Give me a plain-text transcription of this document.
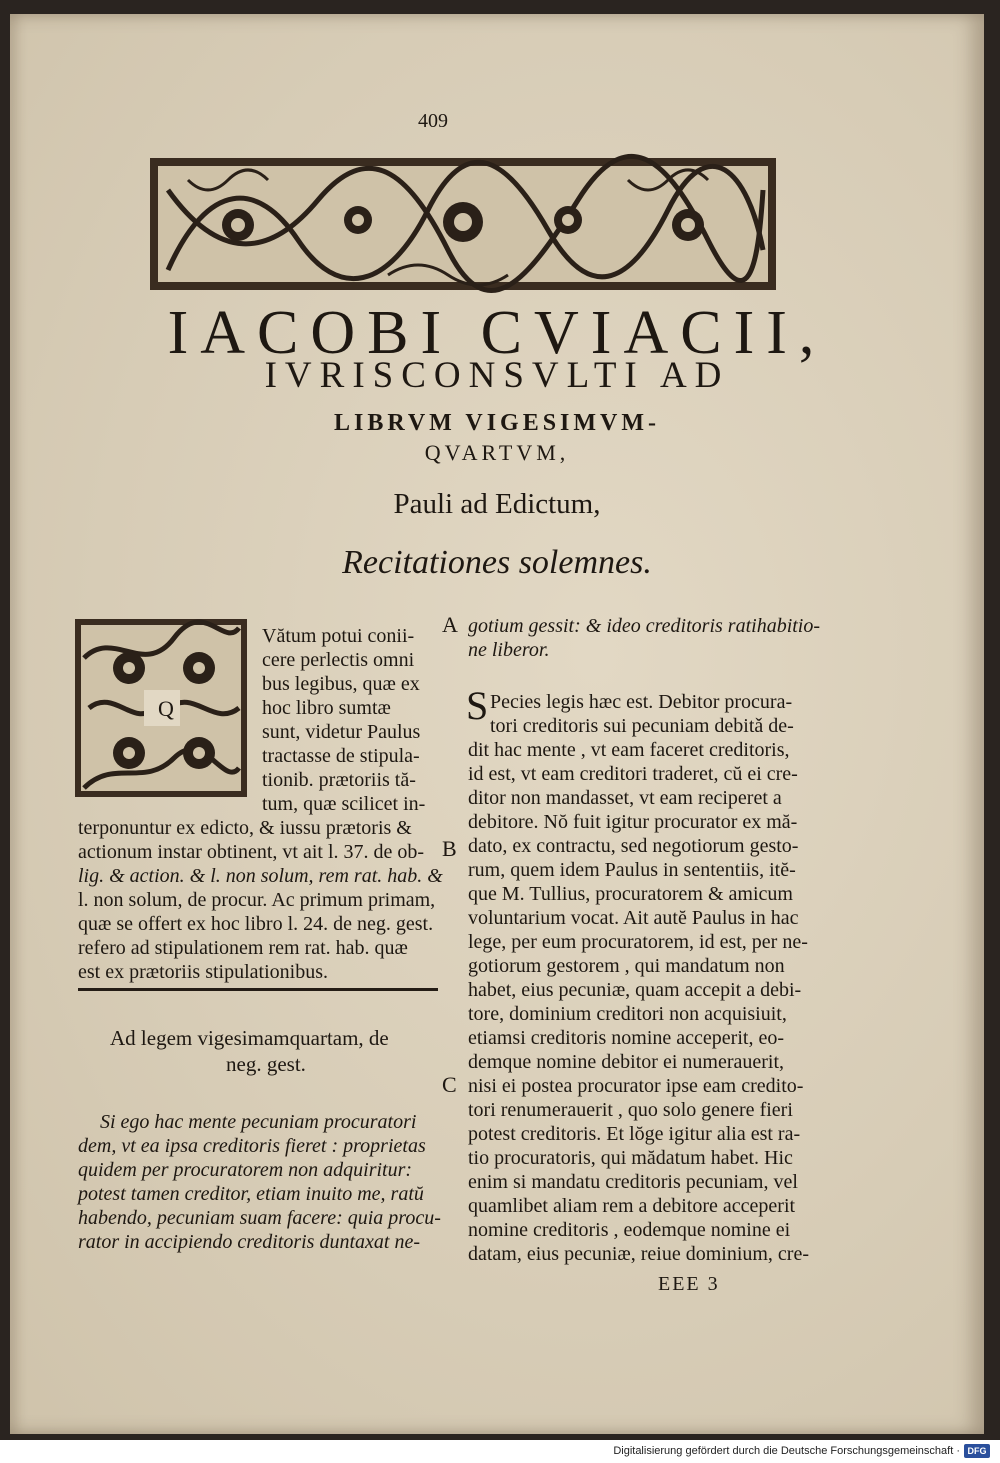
409
IACOBI CVIACII,
IVRISCONSVLTI AD
LIBRVM VIGESIMVM-
QVARTVM,
Pauli ad Edictum,
Recitationes solemnes.
Q
Vătum potui conii-
cere perlectis omni
bus legibus, quæ ex
hoc libro sumtæ
sunt, videtur Paulus
tractasse de stipula-
tionib. prætoriis tă-
tum, quæ scilicet in-
terponuntur ex edicto, & iussu prætoris &
actionum instar obtinent, vt ait l. 37. de ob-
lig. & action. & l. non solum, rem rat. hab. &
l. non solum, de procur. Ac primum primam,
quæ se offert ex hoc libro l. 24. de neg. gest.
refero ad stipulationem rem rat. hab. quæ
est ex prætoriis stipulationibus.
Ad legem vigesimamquartam, de
neg. gest.
Si ego hac mente pecuniam procuratori
dem, vt ea ipsa creditoris fieret : proprietas
quidem per procuratorem non adquiritur:
potest tamen creditor, etiam inuito me, ratŭ
habendo, pecuniam suam facere: quia procu-
rator in accipiendo creditoris duntaxat ne-
A
B
C
gotium gessit: & ideo creditoris ratihabitio-
ne liberor.
S Pecies legis hæc est. Debitor procura-
tori creditoris sui pecuniam debitǎ de-
dit hac mente , vt eam faceret creditoris,
id est, vt eam creditori traderet, cŭ ei cre-
ditor non mandasset, vt eam reciperet a
debitore. Nŏ fuit igitur procurator ex mă-
dato, ex contractu, sed negotiorum gesto-
rum, quem idem Paulus in sententiis, itĕ-
que M. Tullius, procuratorem & amicum
voluntarium vocat. Ait autĕ Paulus in hac
lege, per eum procuratorem, id est, per ne-
gotiorum gestorem , qui mandatum non
habet, eius pecuniæ, quam accepit a debi-
tore, dominium creditori non acquisiuit,
etiamsi creditoris nomine acceperit, eo-
demque nomine debitor ei numerauerit,
nisi ei postea procurator ipse eam credito-
tori renumerauerit , quo solo genere fieri
potest creditoris. Et lŏge igitur alia est ra-
tio procuratoris, qui mădatum habet. Hic
enim si mandatu creditoris pecuniam, vel
quamlibet aliam rem a debitore acceperit
nomine creditoris , eodemque nomine ei
datam, eius pecuniæ, reiue dominium, cre-
EEE 3
Digitalisierung gefördert durch die Deutsche Forschungsgemeinschaft · DFG
